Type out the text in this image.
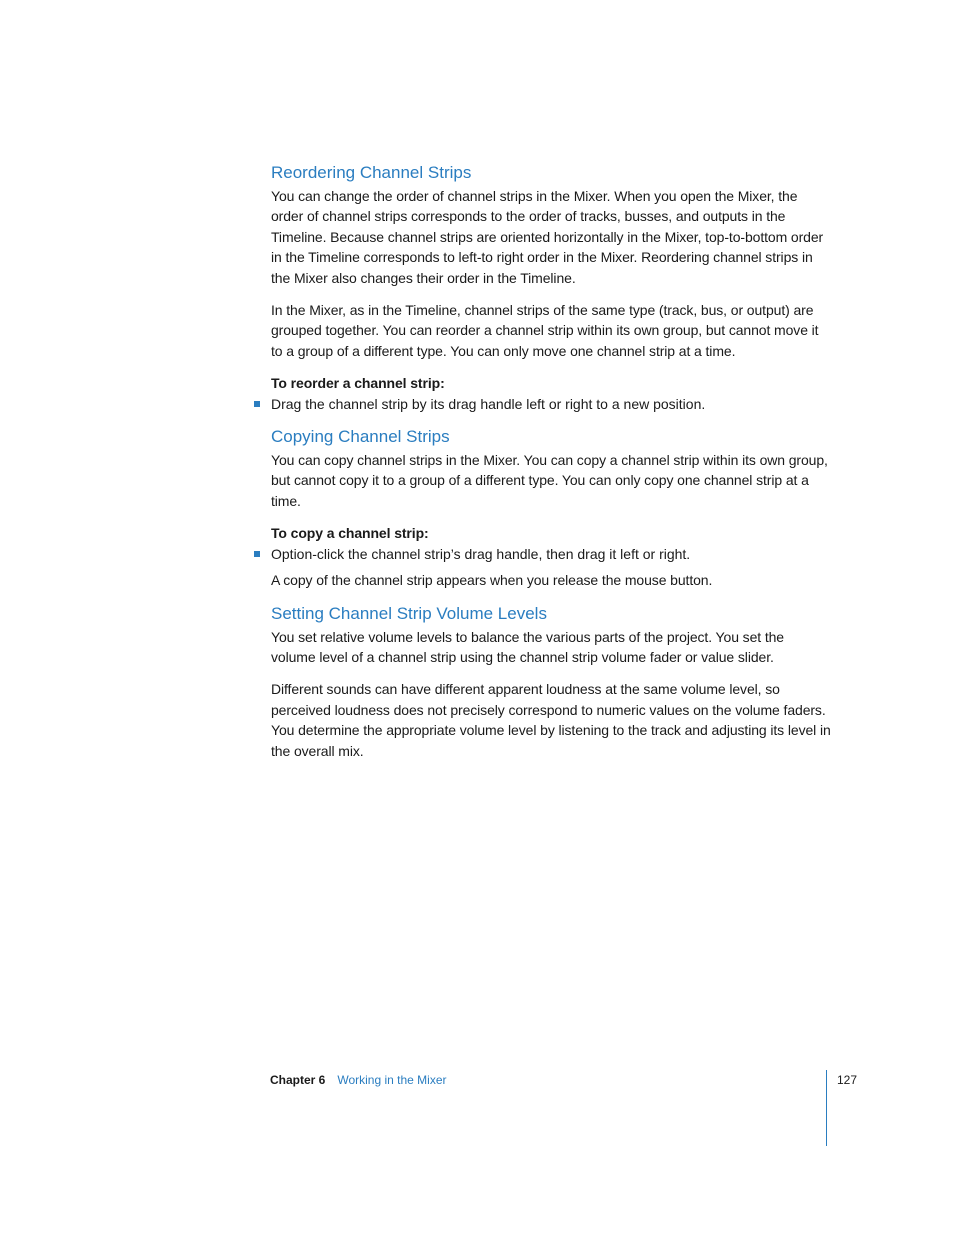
Reordering Channel Strips

You can change the order of channel strips in the Mixer. When you open the Mixer, the order of channel strips corresponds to the order of tracks, busses, and outputs in the Timeline. Because channel strips are oriented horizontally in the Mixer, top-to-bottom order in the Timeline corresponds to left-to right order in the Mixer. Reordering channel strips in the Mixer also changes their order in the Timeline.

In the Mixer, as in the Timeline, channel strips of the same type (track, bus, or output) are grouped together. You can reorder a channel strip within its own group, but cannot move it to a group of a different type. You can only move one channel strip at a time.

To reorder a channel strip:

Drag the channel strip by its drag handle left or right to a new position.
Copying Channel Strips

You can copy channel strips in the Mixer. You can copy a channel strip within its own group, but cannot copy it to a group of a different type. You can only copy one channel strip at a time.

To copy a channel strip:

Option-click the channel strip’s drag handle, then drag it left or right.

A copy of the channel strip appears when you release the mouse button.

Setting Channel Strip Volume Levels

You set relative volume levels to balance the various parts of the project. You set the volume level of a channel strip using the channel strip volume fader or value slider.

Different sounds can have different apparent loudness at the same volume level, so perceived loudness does not precisely correspond to numeric values on the volume faders. You determine the appropriate volume level by listening to the track and adjusting its level in the overall mix.

Chapter 6 Working in the Mixer	127
